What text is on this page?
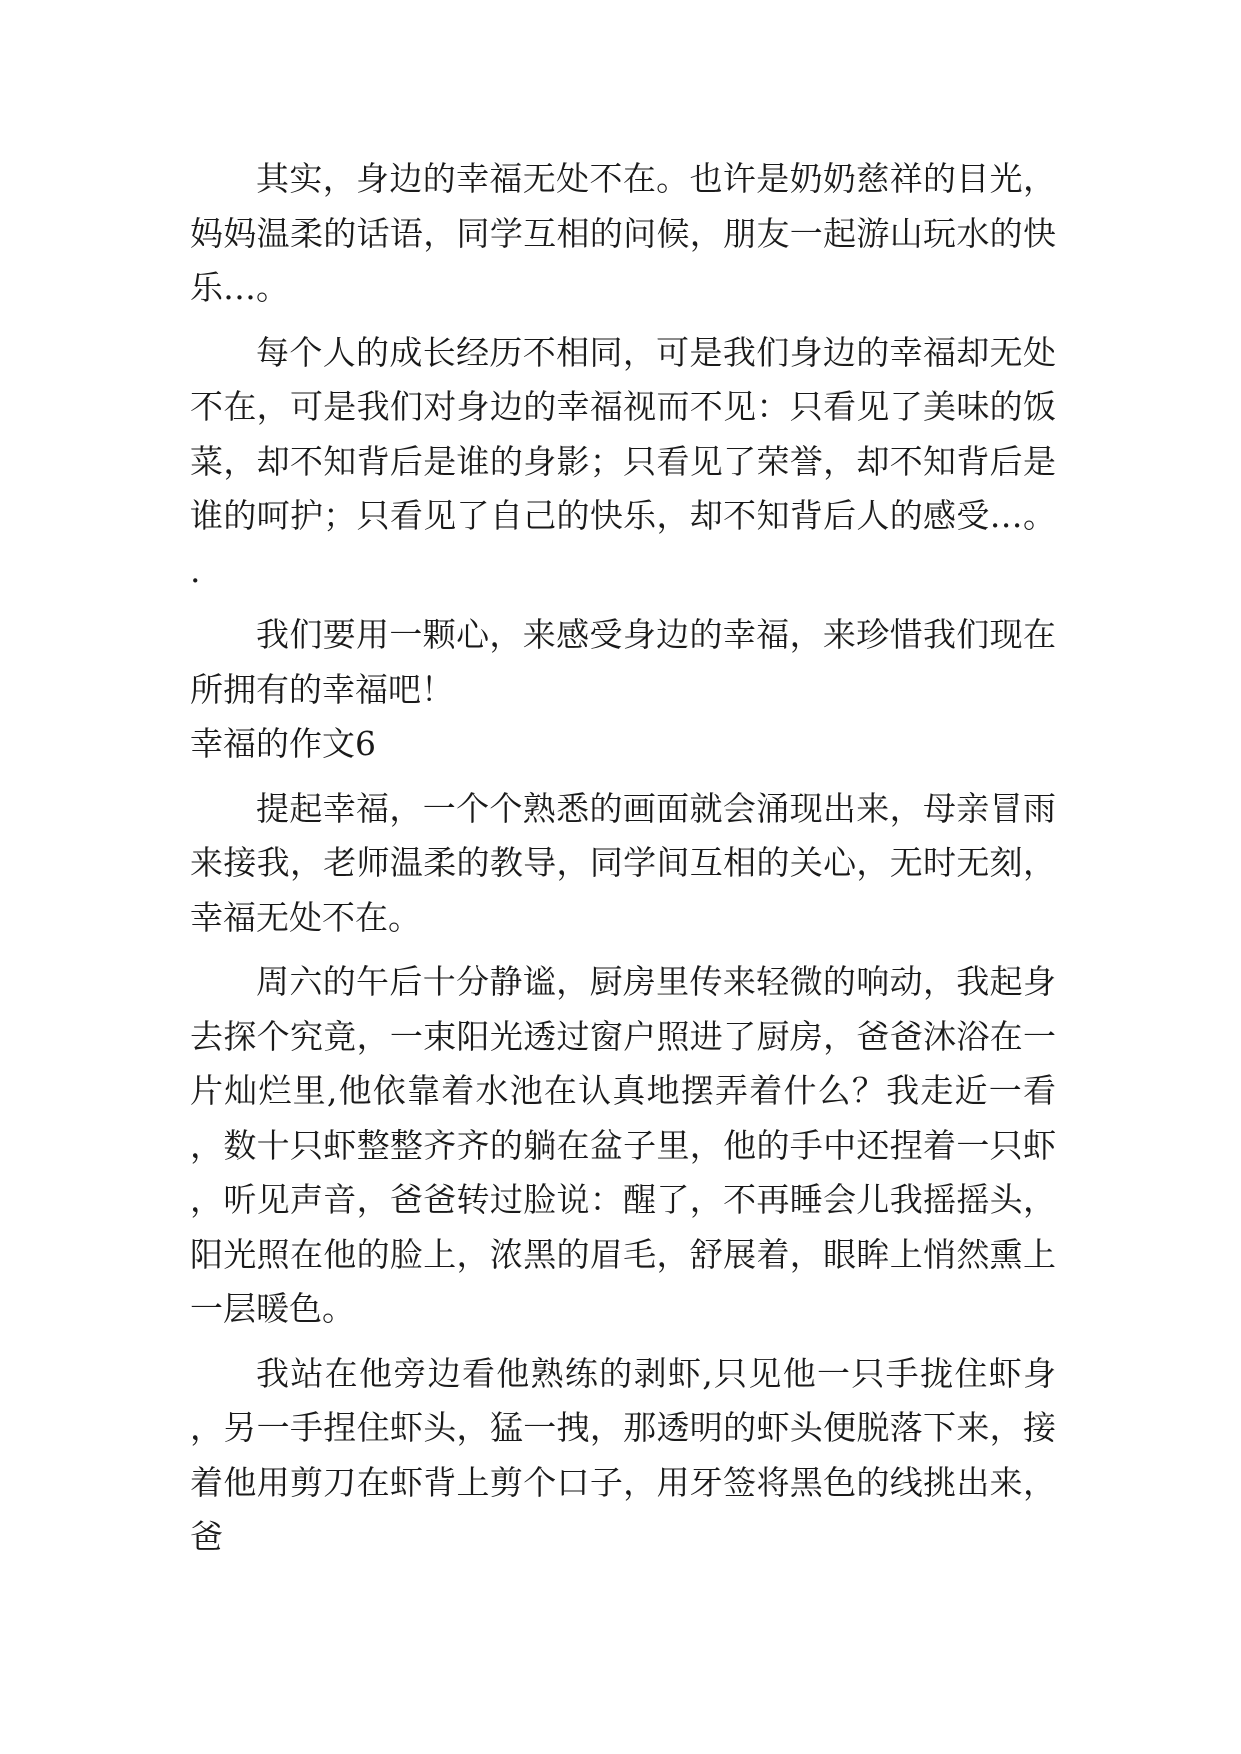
其实，身边的幸福无处不在。也许是奶奶慈祥的目光，妈妈温柔的话语，同学互相的问候，朋友一起游山玩水的快乐…。

每个人的成长经历不相同，可是我们身边的幸福却无处不在，可是我们对身边的幸福视而不见：只看见了美味的饭菜，却不知背后是谁的身影；只看见了荣誉，却不知背后是谁的呵护；只看见了自己的快乐，却不知背后人的感受…。.

我们要用一颗心，来感受身边的幸福，来珍惜我们现在所拥有的幸福吧！

幸福的作文6

提起幸福，一个个熟悉的画面就会涌现出来，母亲冒雨来接我，老师温柔的教导，同学间互相的关心，无时无刻，幸福无处不在。

周六的午后十分静谧，厨房里传来轻微的响动，我起身去探个究竟，一束阳光透过窗户照进了厨房，爸爸沐浴在一片灿烂里,他依靠着水池在认真地摆弄着什么？我走近一看，数十只虾整整齐齐的躺在盆子里，他的手中还捏着一只虾，听见声音，爸爸转过脸说：醒了，不再睡会儿我摇摇头，阳光照在他的脸上，浓黑的眉毛，舒展着，眼眸上悄然熏上一层暖色。

我站在他旁边看他熟练的剥虾,只见他一只手拢住虾身，另一手捏住虾头，猛一拽，那透明的虾头便脱落下来，接着他用剪刀在虾背上剪个口子，用牙签将黑色的线挑出来，爸
